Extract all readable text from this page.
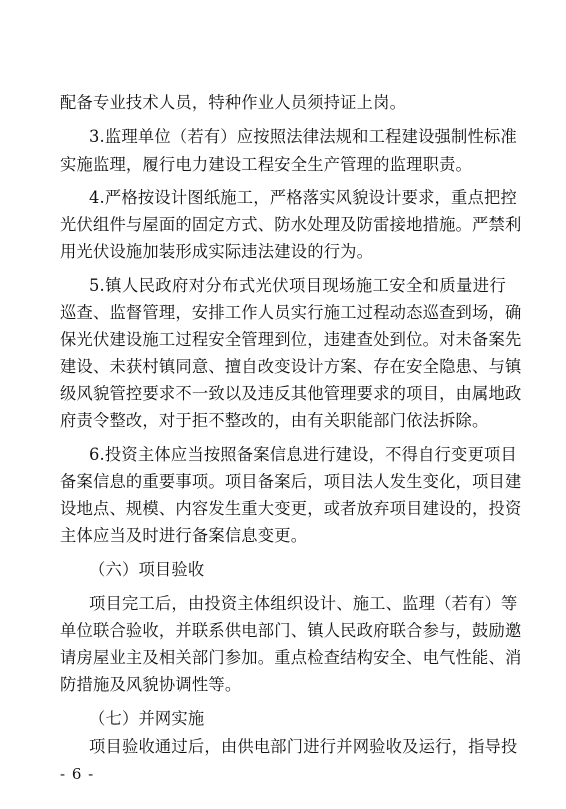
配备专业技术人员，特种作业人员须持证上岗。
3.监理单位（若有）应按照法律法规和工程建设强制性标准
实施监理，履行电力建设工程安全生产管理的监理职责。
4.严格按设计图纸施工，严格落实风貌设计要求，重点把控
光伏组件与屋面的固定方式、防水处理及防雷接地措施。严禁利
用光伏设施加装形成实际违法建设的行为。
5.镇人民政府对分布式光伏项目现场施工安全和质量进行
巡查、监督管理，安排工作人员实行施工过程动态巡查到场，确
保光伏建设施工过程安全管理到位，违建查处到位。对未备案先
建设、未获村镇同意、擅自改变设计方案、存在安全隐患、与镇
级风貌管控要求不一致以及违反其他管理要求的项目，由属地政
府责令整改，对于拒不整改的，由有关职能部门依法拆除。
6.投资主体应当按照备案信息进行建设，不得自行变更项目
备案信息的重要事项。项目备案后，项目法人发生变化，项目建
设地点、规模、内容发生重大变更，或者放弃项目建设的，投资
主体应当及时进行备案信息变更。
（六）项目验收
项目完工后，由投资主体组织设计、施工、监理（若有）等
单位联合验收，并联系供电部门、镇人民政府联合参与，鼓励邀
请房屋业主及相关部门参加。重点检查结构安全、电气性能、消
防措施及风貌协调性等。
（七）并网实施
项目验收通过后，由供电部门进行并网验收及运行，指导投
- 6 -
